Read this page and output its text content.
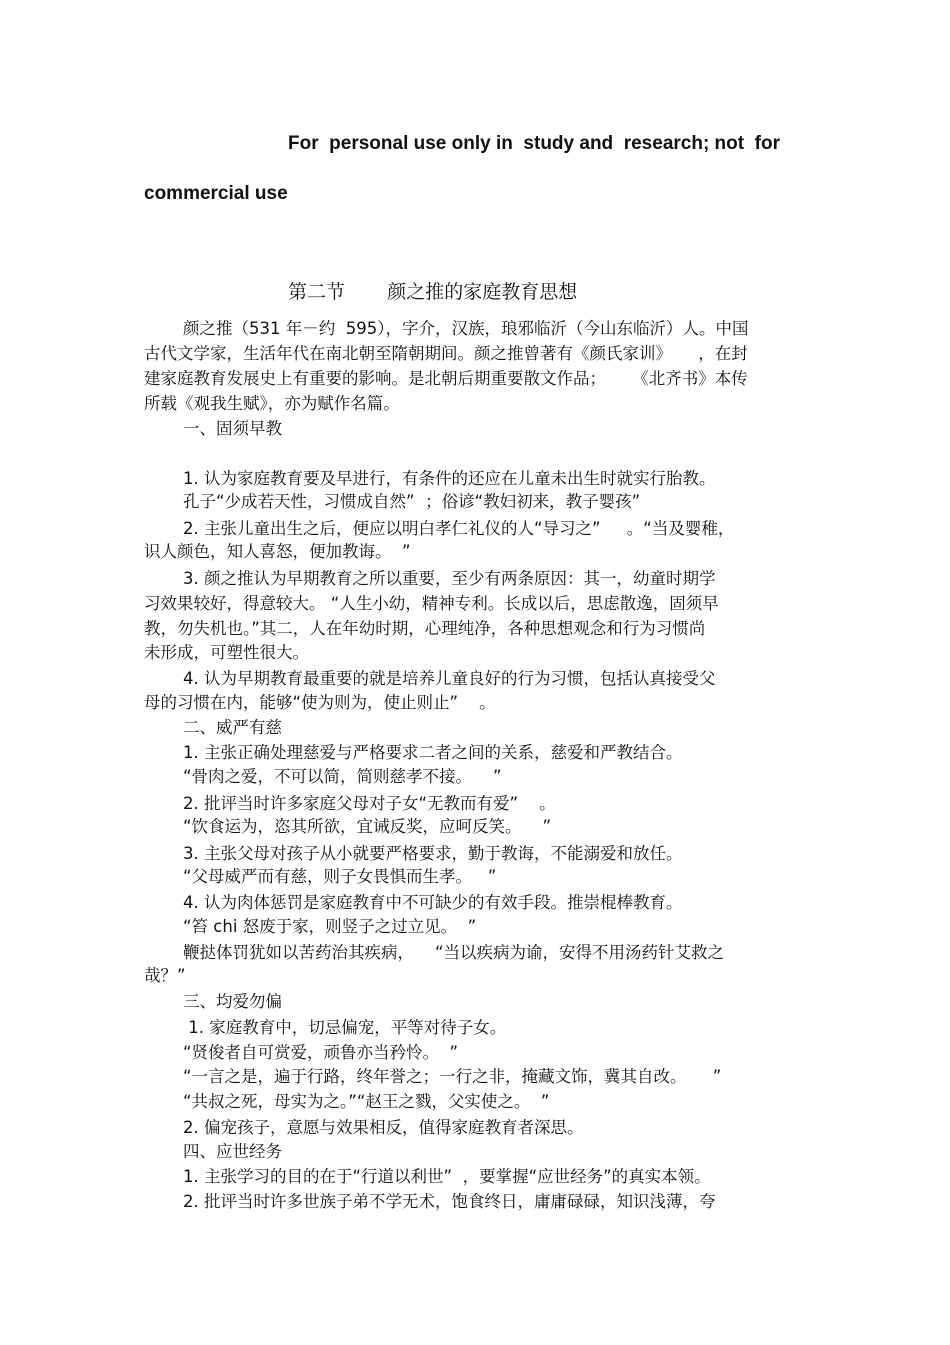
For  personal use only in  study and  research; not  for
commercial use
第二节       颜之推的家庭教育思想
颜之推（531 年－约  595），字介，汉族，琅邪临沂（今山东临沂）人。中国
古代文学家，生活年代在南北朝至隋朝期间。颜之推曾著有《颜氏家训》     ，在封
建家庭教育发展史上有重要的影响。是北朝后期重要散文作品；     《北齐书》本传
所载《观我生赋》，亦为赋作名篇。
一、固须早教
1. 认为家庭教育要及早进行，有条件的还应在儿童未出生时就实行胎教。
孔子“少成若天性，习惯成自然”  ；俗谚“教妇初来，教子婴孩”
2. 主张儿童出生之后，便应以明白孝仁礼仪的人“导习之”     。“当及婴稚，
识人颜色，知人喜怒，便加教诲。  ”
3. 颜之推认为早期教育之所以重要，至少有两条原因：其一，幼童时期学
习效果较好，得意较大。 “人生小幼，精神专利。长成以后，思虑散逸，固须早
教，勿失机也。”其二，人在年幼时期，心理纯净，各种思想观念和行为习惯尚
未形成，可塑性很大。
4. 认为早期教育最重要的就是培养儿童良好的行为习惯，包括认真接受父
母的习惯在内，能够“使为则为，使止则止”    。
二、威严有慈
1. 主张正确处理慈爱与严格要求二者之间的关系，慈爱和严教结合。
“骨肉之爱，不可以简，简则慈孝不接。    ”
2. 批评当时许多家庭父母对子女“无教而有爱”    。
“饮食运为，恣其所欲，宜诫反奖，应呵反笑。    ”
3. 主张父母对孩子从小就要严格要求，勤于教诲，不能溺爱和放任。
“父母威严而有慈，则子女畏惧而生孝。   ”
4. 认为肉体惩罚是家庭教育中不可缺少的有效手段。推崇棍棒教育。
“笞 chi 怒废于家，则竖子之过立见。  ”
鞭挞体罚犹如以苦药治其疾病，    “当以疾病为谕，安得不用汤药针艾救之
哉？”
三、均爱勿偏
1. 家庭教育中，切忌偏宠，平等对待子女。
“贤俊者自可赏爱，顽鲁亦当矜怜。  ”
“一言之是，遍于行路，终年誉之；一行之非，掩藏文饰，冀其自改。     ”
“共叔之死，母实为之。”“赵王之戮，父实使之。  ”
2. 偏宠孩子，意愿与效果相反，值得家庭教育者深思。
四、应世经务
1. 主张学习的目的在于“行道以利世”  ，要掌握“应世经务”的真实本领。
2. 批评当时许多世族子弟不学无术，饱食终日，庸庸碌碌，知识浅薄，夸
